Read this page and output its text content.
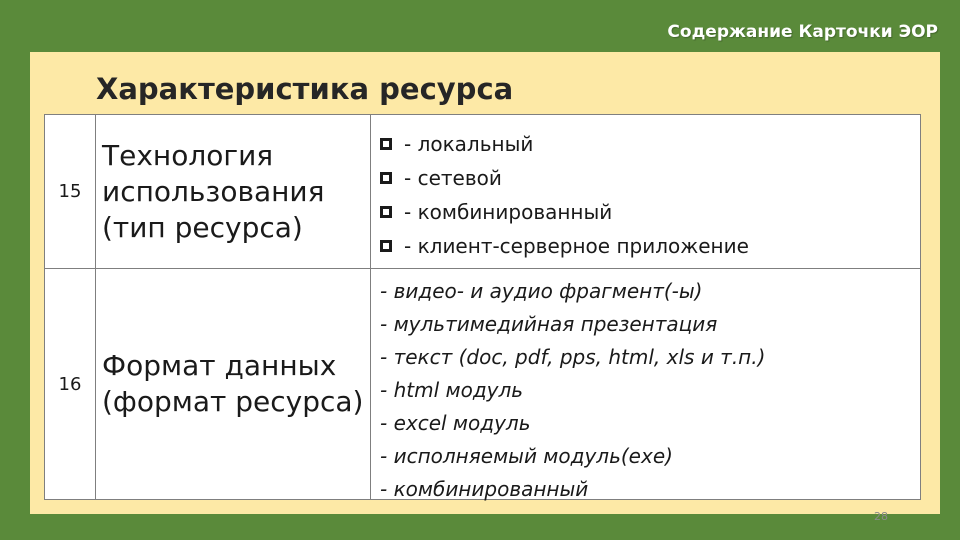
Содержание Карточки ЭОР
Характеристика ресурса
15
Технология
использования
(тип ресурса)
- локальный
- сетевой
- комбинированный
- клиент-серверное приложение
16
Формат данных
(формат ресурса)
- видео- и аудио фрагмент(-ы)
- мультимедийная презентация
- текст (doc, pdf, pps, html, xls и т.п.)
- html модуль
- excel модуль
- исполняемый модуль(exe)
- комбинированный
28
